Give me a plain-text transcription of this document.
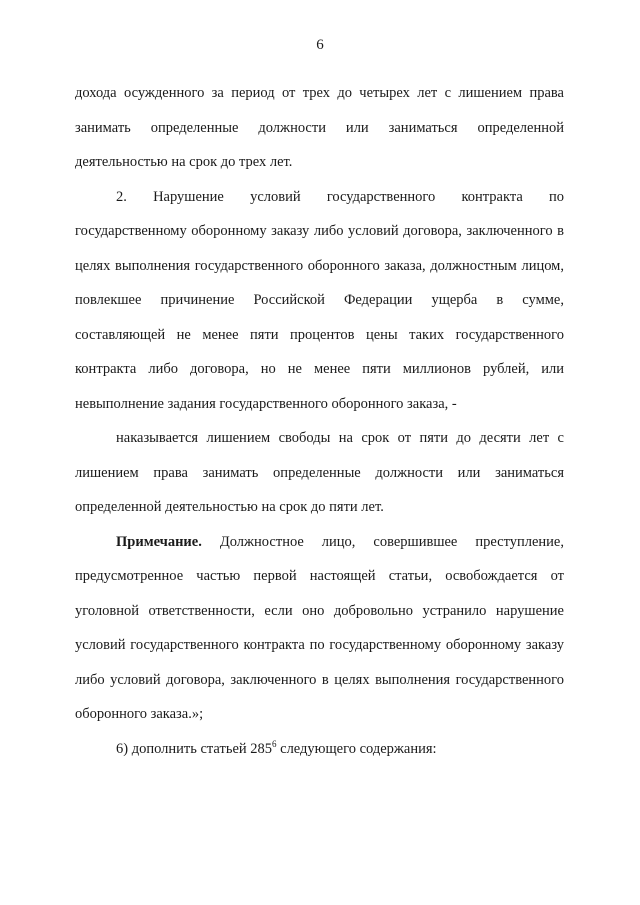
6

дохода осужденного за период от трех до четырех лет с лишением права занимать определенные должности или заниматься определенной деятельностью на срок до трех лет.

2. Нарушение условий государственного контракта по государственному оборонному заказу либо условий договора, заключенного в целях выполнения государственного оборонного заказа, должностным лицом, повлекшее причинение Российской Федерации ущерба в сумме, составляющей не менее пяти процентов цены таких государственного контракта либо договора, но не менее пяти миллионов рублей, или невыполнение задания государственного оборонного заказа, -

наказывается лишением свободы на срок от пяти до десяти лет с лишением права занимать определенные должности или заниматься определенной деятельностью на срок до пяти лет.

Примечание. Должностное лицо, совершившее преступление, предусмотренное частью первой настоящей статьи, освобождается от уголовной ответственности, если оно добровольно устранило нарушение условий государственного контракта по государственному оборонному заказу либо условий договора, заключенного в целях выполнения государственного оборонного заказа.»;

6) дополнить статьей $285^6$ следующего содержания:
